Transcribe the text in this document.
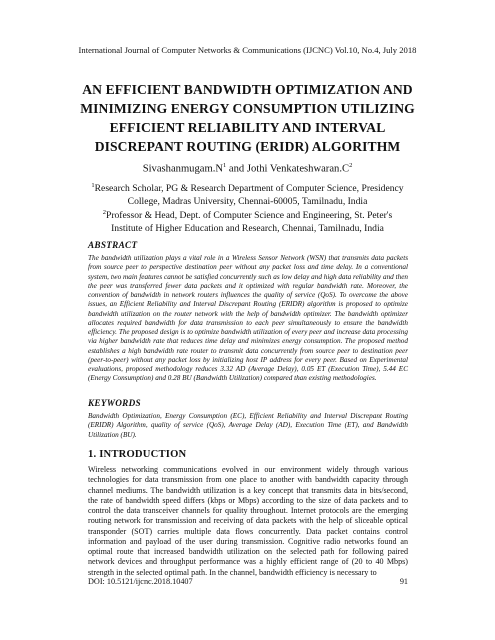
International Journal of Computer Networks & Communications (IJCNC) Vol.10, No.4, July 2018
AN EFFICIENT BANDWIDTH OPTIMIZATION AND
MINIMIZING ENERGY CONSUMPTION UTILIZING
EFFICIENT RELIABILITY AND INTERVAL
DISCREPANT ROUTING (ERIDR) ALGORITHM
$Sivashanmugam.N^1$ and Jothi $Venkateshwaran.C^2$
$^1$Research Scholar, PG & Research Department of Computer Science, Presidency College, Madras University, Chennai-60005, Tamilnadu, India
$^2$Professor & Head, Dept. of Computer Science and Engineering, St. Peter's Institute of Higher Education and Research, Chennai, Tamilnadu, India
ABSTRACT
The bandwidth utilization plays a vital role in a Wireless Sensor Network (WSN) that transmits data packets from source peer to perspective destination peer without any packet loss and time delay. In a conventional system, two main features cannot be satisfied concurrently such as low delay and high data reliability and then the peer was transferred fewer data packets and it optimized with regular bandwidth rate. Moreover, the convention of bandwidth in network routers influences the quality of service (QoS). To overcome the above issues, an Efficient Reliability and Interval Discrepant Routing (ERIDR) algorithm is proposed to optimize bandwidth utilization on the router network with the help of bandwidth optimizer. The bandwidth optimizer allocates required bandwidth for data transmission to each peer simultaneously to ensure the bandwidth efficiency. The proposed design is to optimize bandwidth utilization of every peer and increase data processing via higher bandwidth rate that reduces time delay and minimizes energy consumption. The proposed method establishes a high bandwidth rate router to transmit data concurrently from source peer to destination peer (peer-to-peer) without any packet loss by initializing host IP address for every peer. Based on Experimental evaluations, proposed methodology reduces 3.32 AD (Average Delay), 0.05 ET (Execution Time), 5.44 EC (Energy Consumption) and 0.28 BU (Bandwidth Utilization) compared than existing methodologies.
KEYWORDS
Bandwidth Optimization, Energy Consumption (EC), Efficient Reliability and Interval Discrepant Routing (ERIDR) Algorithm, quality of service (QoS), Average Delay (AD), Execution Time (ET), and Bandwidth Utilization (BU).
1. INTRODUCTION
Wireless networking communications evolved in our environment widely through various technologies for data transmission from one place to another with bandwidth capacity through channel mediums. The bandwidth utilization is a key concept that transmits data in bits/second, the rate of bandwidth speed differs (kbps or Mbps) according to the size of data packets and to control the data transceiver channels for quality throughout. Internet protocols are the emerging routing network for transmission and receiving of data packets with the help of sliceable optical transponder (SOT) carries multiple data flows concurrently. Data packet contains control information and payload of the user during transmission. Cognitive radio networks found an optimal route that increased bandwidth utilization on the selected path for following paired network devices and throughput performance was a highly efficient range of (20 to 40 Mbps) strength in the selected optimal path. In the channel, bandwidth efficiency is necessary to
DOI: 10.5121/ijcnc.2018.10407	91
